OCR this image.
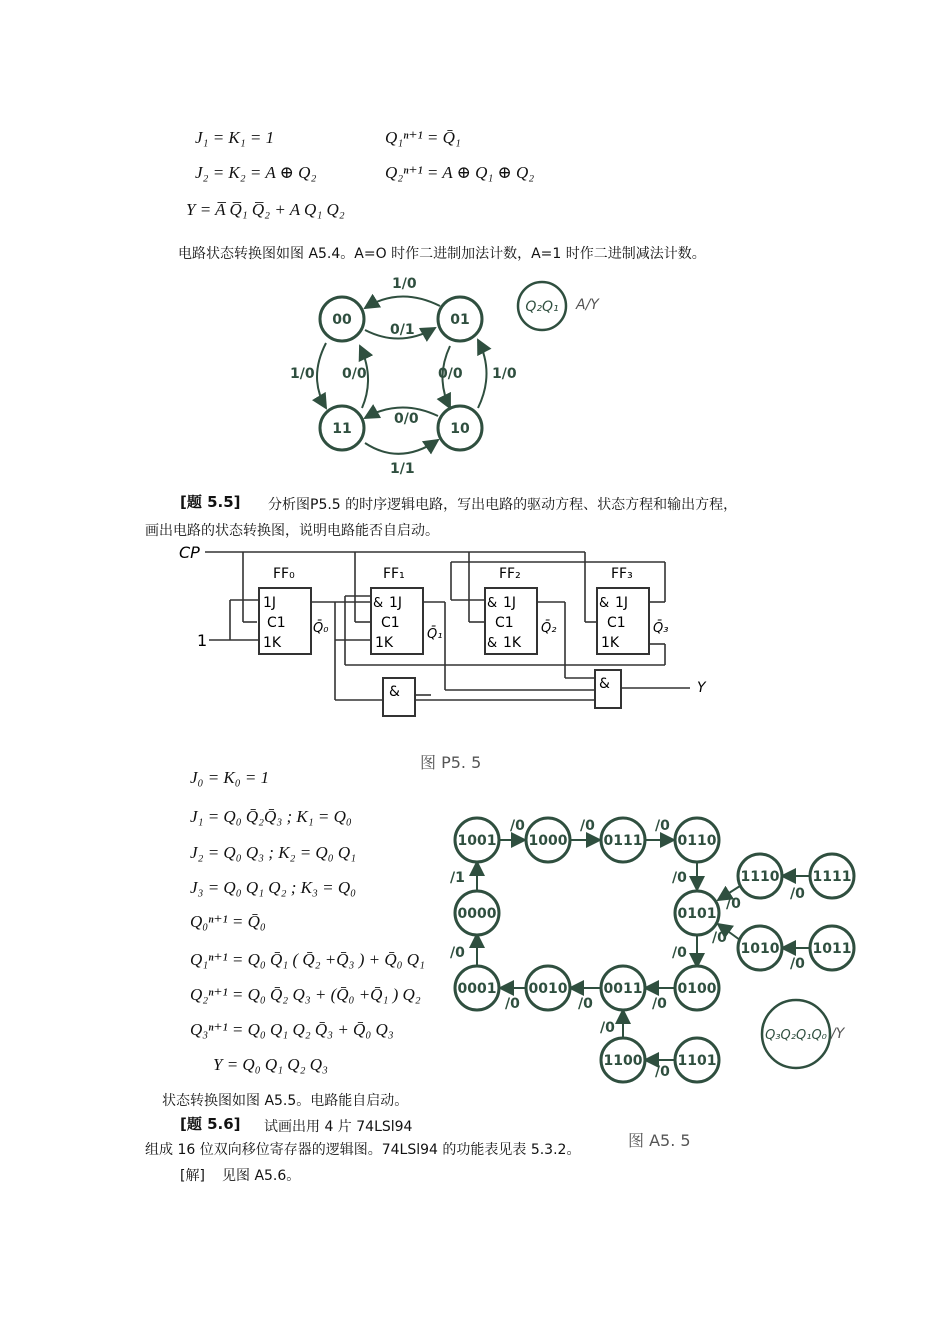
J₁ = K₁ = 1	Q₁ⁿ⁺¹ = Q̄₁
J₂ = K₂ = A ⊕ Q₂	Q₂ⁿ⁺¹ = A ⊕ Q₁ ⊕ Q₂
Y = A̅ Q̅₁ Q̅₂ + A Q₁ Q₂
电路状态转换图如图 A5.4。A=O 时作二进制加法计数，A=1 时作二进制减法计数。
00	01
11	10
1/0
0/1
1/0 0/0	0/0 1/0
0/0
1/1
Q₂Q₁ A/Y
[题 5.5] 分析图P5.5 的时序逻辑电路，写出电路的驱动方程、状态方程和输出方程，
画出电路的状态转换图，说明电路能否自启动。
CP
1
FF₀
1J
C1
1K
Q̄₀
FF₁
& 1J
C1
1K
Q̄₁
FF₂
& 1J
C1
& 1K
Q̄₂
FF₃
& 1J
C1
1K
Q̄₃
&	&	Y
图 P5. 5
J₀ = K₀ = 1
J₁ = Q₀ Q̄₂Q̄₃ ; K₁ = Q₀
J₂ = Q₀ Q₃ ; K₂ = Q₀ Q₁
J₃ = Q₀ Q₁ Q₂ ; K₃ = Q₀
Q₀ⁿ⁺¹ = Q̄₀
Q₁ⁿ⁺¹ = Q₀ Q̄₁ ( Q̄₂ +Q̄₃ ) + Q̄₀ Q₁
Q₂ⁿ⁺¹ = Q₀ Q̄₂ Q₃ + (Q̄₀ +Q̄₁ ) Q₂
Q₃ⁿ⁺¹ = Q₀ Q₁ Q₂ Q̄₃ + Q̄₀ Q₃
Y = Q₀ Q₁ Q₂ Q₃
1001 1000	0111	0110
0000	0101
0001 0010	0011	0100
1110 1111
1010 1011
1100	1101
/0	/0	/0
/1	/0
/0	/0
/0	/0	/0
/0
/0
/0
/0
/0
/0
Q₃Q₂Q₁Q₀ /Y
图 A5. 5
状态转换图如图 A5.5。电路能自启动。
[题 5.6] 试画出用 4 片 74LSl94
组成 16 位双向移位寄存器的逻辑图。74LSl94 的功能表见表 5.3.2。
[解] 见图 A5.6。
